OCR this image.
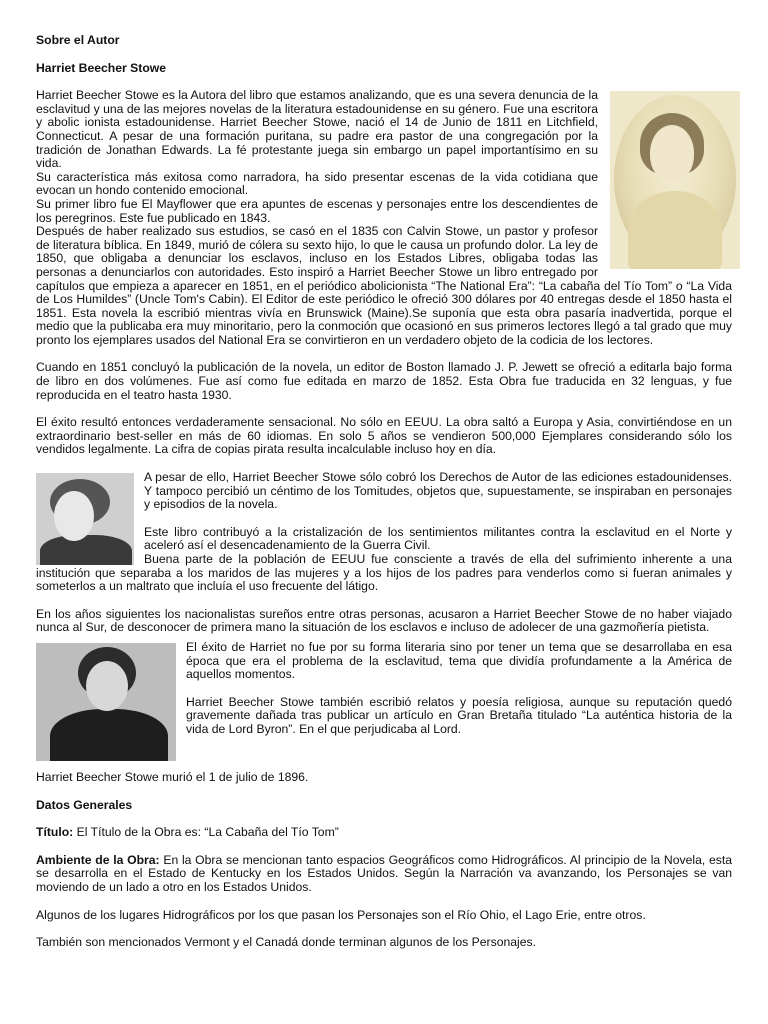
Sobre el Autor
Harriet Beecher Stowe

Harriet Beecher Stowe es la Autora del libro que estamos analizando, que es una severa denuncia de la esclavitud y una de las mejores novelas de la literatura estadounidense en su género. Fue una escritora y abolic ionista estadounidense. Harriet Beecher Stowe, nació el 14 de Junio de 1811 en Litchfield, Connecticut. A pesar de una formación puritana, su padre era pastor de una congregación por la tradición de Jonathan Edwards. La fé protestante juega sin embargo un papel importantísimo en su vida.

Su característica más exitosa como narradora, ha sido presentar escenas de la vida cotidiana que evocan un hondo contenido emocional.

Su primer libro fue El Mayflower que era apuntes de escenas y personajes entre los descendientes de los peregrinos. Este fue publicado en 1843.

Después de haber realizado sus estudios, se casó en el 1835 con Calvin Stowe, un pastor y profesor de literatura bíblica. En 1849, murió de cólera su sexto hijo, lo que le causa un profundo dolor. La ley de 1850, que obligaba a denunciar los esclavos, incluso en los Estados Libres, obligaba todas las personas a denunciarlos con autoridades. Esto inspiró a Harriet Beecher Stowe un libro entregado por capítulos que empieza a aparecer en 1851, en el periódico abolicionista “The National Era”: “La cabaña del Tío Tom” o “La Vida de Los Humildes” (Uncle Tom's Cabin). El Editor de este periódico le ofreció 300 dólares por 40 entregas desde el 1850 hasta el 1851. Esta novela la escribió mientras vivía en Brunswick (Maine).Se suponía que esta obra pasaría inadvertida, porque el medio que la publicaba era muy minoritario, pero la conmoción que ocasionó en sus primeros lectores llegó a tal grado que muy pronto los ejemplares usados del National Era se convirtieron en un verdadero objeto de la codicia de los lectores.

Cuando en 1851 concluyó la publicación de la novela, un editor de Boston llamado J. P. Jewett se ofreció a editarla bajo forma de libro en dos volúmenes. Fue así como fue editada en marzo de 1852. Esta Obra fue traducida en 32 lenguas, y fue reproducida en el teatro hasta 1930.

El éxito resultó entonces verdaderamente sensacional. No sólo en EEUU. La obra saltó a Europa y Asia, convirtiéndose en un extraordinario best-seller en más de 60 idiomas. En solo 5 años se vendieron 500,000 Ejemplares considerando sólo los vendidos legalmente. La cifra de copias pirata resulta incalculable incluso hoy en día.

A pesar de ello, Harriet Beecher Stowe sólo cobró los Derechos de Autor de las ediciones estadounidenses. Y tampoco percibió un céntimo de los Tomitudes, objetos que, supuestamente, se inspiraban en personajes y episodios de la novela.

Este libro contribuyó a la cristalización de los sentimientos militantes contra la esclavitud en el Norte y aceleró así el desencadenamiento de la Guerra Civil.

Buena parte de la población de EEUU fue consciente a través de ella del sufrimiento inherente a una institución que separaba a los maridos de las mujeres y a los hijos de los padres para venderlos como si fueran animales y someterlos a un maltrato que incluía el uso frecuente del látigo.

En los años siguientes los nacionalistas sureños entre otras personas, acusaron a Harriet Beecher Stowe de no haber viajado nunca al Sur, de desconocer de primera mano la situación de los esclavos e incluso de adolecer de una gazmoñería pietista.

El éxito de Harriet no fue por su forma literaria sino por tener un tema que se desarrollaba en esa época que era el problema de la esclavitud, tema que dividía profundamente a la América de aquellos momentos.

Harriet Beecher Stowe también escribió relatos y poesía religiosa, aunque su reputación quedó gravemente dañada tras publicar un artículo en Gran Bretaña titulado “La auténtica historia de la vida de Lord Byron”. En el que perjudicaba al Lord.

Harriet Beecher Stowe murió el 1 de julio de 1896.

Datos Generales

Título: El Título de la Obra es: “La Cabaña del Tío Tom”

Ambiente de la Obra: En la Obra se mencionan tanto espacios Geográficos como Hidrográficos. Al principio de la Novela, esta se desarrolla en el Estado de Kentucky en los Estados Unidos. Según la Narración va avanzando, los Personajes se van moviendo de un lado a otro en los Estados Unidos.

Algunos de los lugares Hidrográficos por los que pasan los Personajes son el Río Ohio, el Lago Erie, entre otros.

También son mencionados Vermont y el Canadá donde terminan algunos de los Personajes.
